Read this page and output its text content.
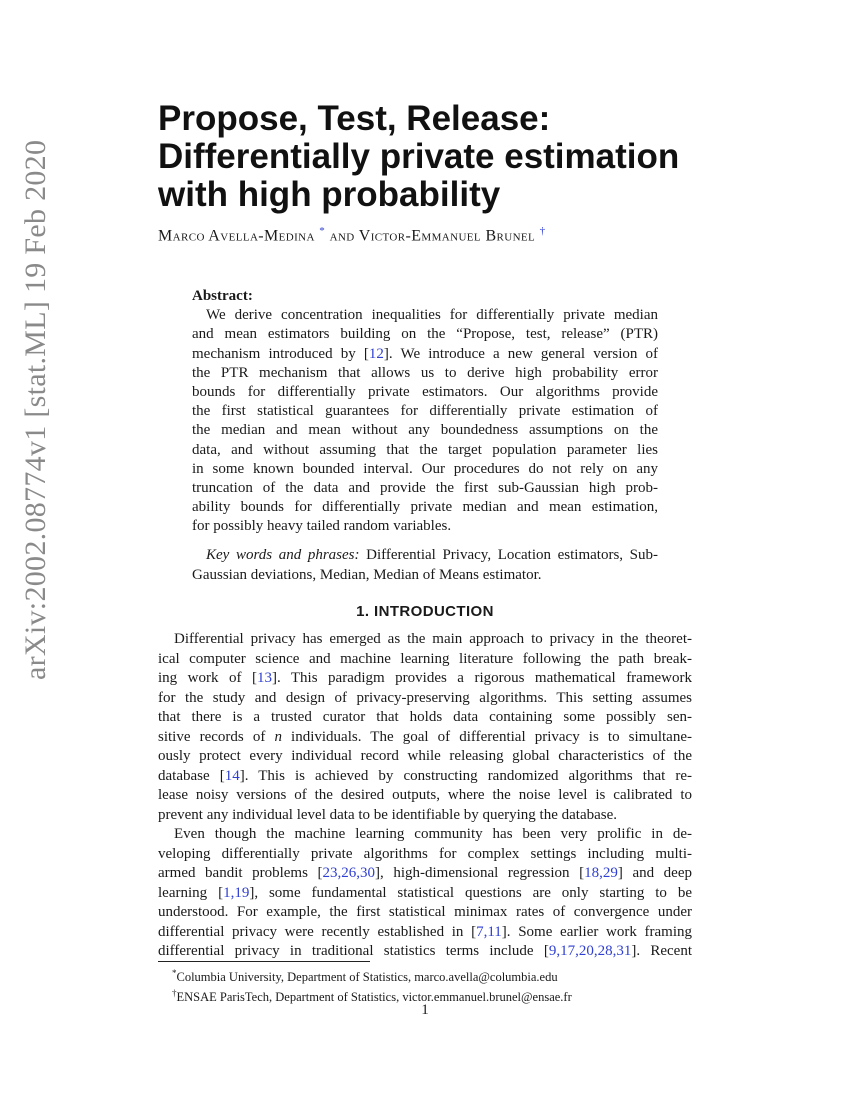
arXiv:2002.08774v1 [stat.ML] 19 Feb 2020
Propose, Test, Release:
Differentially private estimation
with high probability
Marco Avella-Medina * and Victor-Emmanuel Brunel †
Abstract:
We derive concentration inequalities for differentially private median
and mean estimators building on the “Propose, test, release” (PTR)
mechanism introduced by [12]. We introduce a new general version of
the PTR mechanism that allows us to derive high probability error
bounds for differentially private estimators. Our algorithms provide
the first statistical guarantees for differentially private estimation of
the median and mean without any boundedness assumptions on the
data, and without assuming that the target population parameter lies
in some known bounded interval. Our procedures do not rely on any
truncation of the data and provide the first sub-Gaussian high prob-
ability bounds for differentially private median and mean estimation,
for possibly heavy tailed random variables.
Key words and phrases: Differential Privacy, Location estimators, Sub-
Gaussian deviations, Median, Median of Means estimator.
1. INTRODUCTION
Differential privacy has emerged as the main approach to privacy in the theoret-
ical computer science and machine learning literature following the path break-
ing work of [13]. This paradigm provides a rigorous mathematical framework
for the study and design of privacy-preserving algorithms. This setting assumes
that there is a trusted curator that holds data containing some possibly sen-
sitive records of n individuals. The goal of differential privacy is to simultane-
ously protect every individual record while releasing global characteristics of the
database [14]. This is achieved by constructing randomized algorithms that re-
lease noisy versions of the desired outputs, where the noise level is calibrated to
prevent any individual level data to be identifiable by querying the database.
Even though the machine learning community has been very prolific in de-
veloping differentially private algorithms for complex settings including multi-
armed bandit problems [23,26,30], high-dimensional regression [18,29] and deep
learning [1,19], some fundamental statistical questions are only starting to be
understood. For example, the first statistical minimax rates of convergence under
differential privacy were recently established in [7,11]. Some earlier work framing
differential privacy in traditional statistics terms include [9,17,20,28,31]. Recent
*Columbia University, Department of Statistics, marco.avella@columbia.edu
†ENSAE ParisTech, Department of Statistics, victor.emmanuel.brunel@ensae.fr
1
